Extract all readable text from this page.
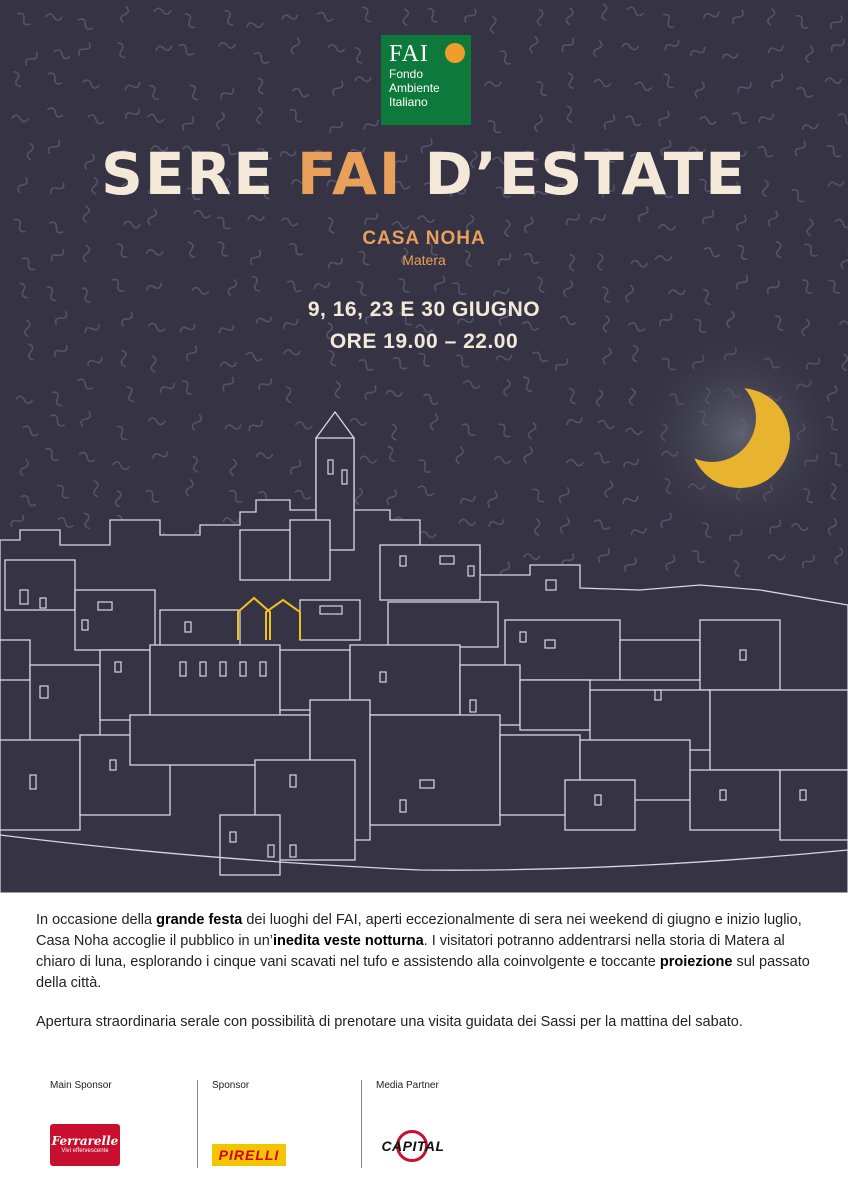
FAI
Fondo
Ambiente
Italiano
SERE FAI D’ESTATE
CASA NOHA
Matera
9, 16, 23 E 30 GIUGNO
ORE 19.00 – 22.00

In occasione della grande festa dei luoghi del FAI, aperti eccezionalmente di sera nei weekend di giugno e inizio luglio, Casa Noha accoglie il pubblico in un’inedita veste notturna. I visitatori potranno addentrarsi nella storia di Matera al chiaro di luna, esplorando i cinque vani scavati nel tufo e assistendo alla coinvolgente e toccante proiezione sul passato della città.

Apertura straordinaria serale con possibilità di prenotare una visita guidata dei Sassi per la mattina del sabato.

Main Sponsor	Sponsor	Media Partner
Ferrarelle
Vivi effervescente	PIRELLI
CAPITAL
